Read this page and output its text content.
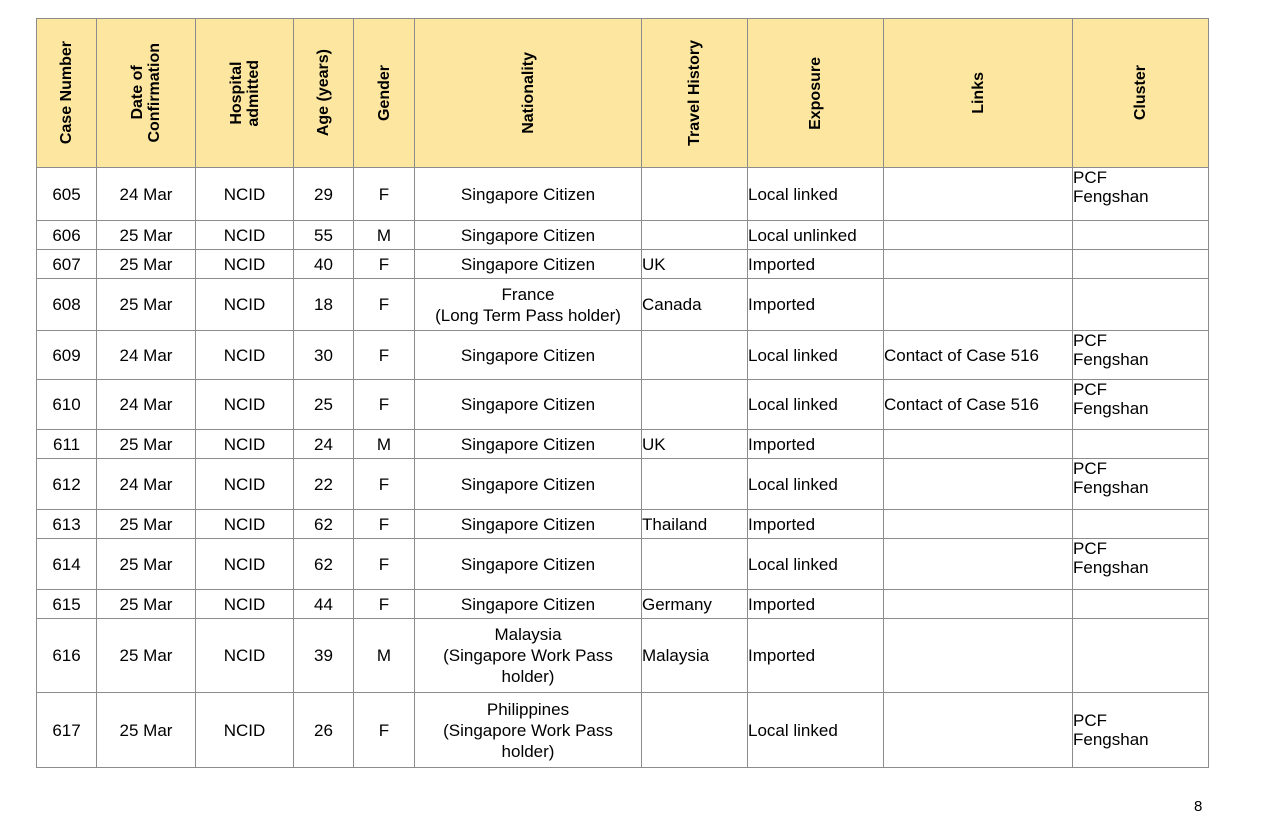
Case Number	Date of
Confirmation	Hospital
admitted	Age (years)	Gender	Nationality	Travel History	Exposure	Links	Cluster

605	24 Mar	NCID	29	F	Singapore Citizen		Local linked		PCF
Fengshan

606	25 Mar	NCID	55	M	Singapore Citizen		Local unlinked		

607	25 Mar	NCID	40	F	Singapore Citizen	UK	Imported		

608	25 Mar	NCID	18	F	France
(Long Term Pass holder)	Canada	Imported		

609	24 Mar	NCID	30	F	Singapore Citizen		Local linked	Contact of Case 516	PCF
Fengshan

610	24 Mar	NCID	25	F	Singapore Citizen		Local linked	Contact of Case 516	PCF
Fengshan

611	25 Mar	NCID	24	M	Singapore Citizen	UK	Imported		

612	24 Mar	NCID	22	F	Singapore Citizen		Local linked		PCF
Fengshan

613	25 Mar	NCID	62	F	Singapore Citizen	Thailand	Imported		

614	25 Mar	NCID	62	F	Singapore Citizen		Local linked		PCF
Fengshan

615	25 Mar	NCID	44	F	Singapore Citizen	Germany	Imported		

616	25 Mar	NCID	39	M	Malaysia
(Singapore Work Pass
holder)	Malaysia	Imported		

617	25 Mar	NCID	26	F	Philippines
(Singapore Work Pass
holder)		Local linked		PCF
Fengshan
8
